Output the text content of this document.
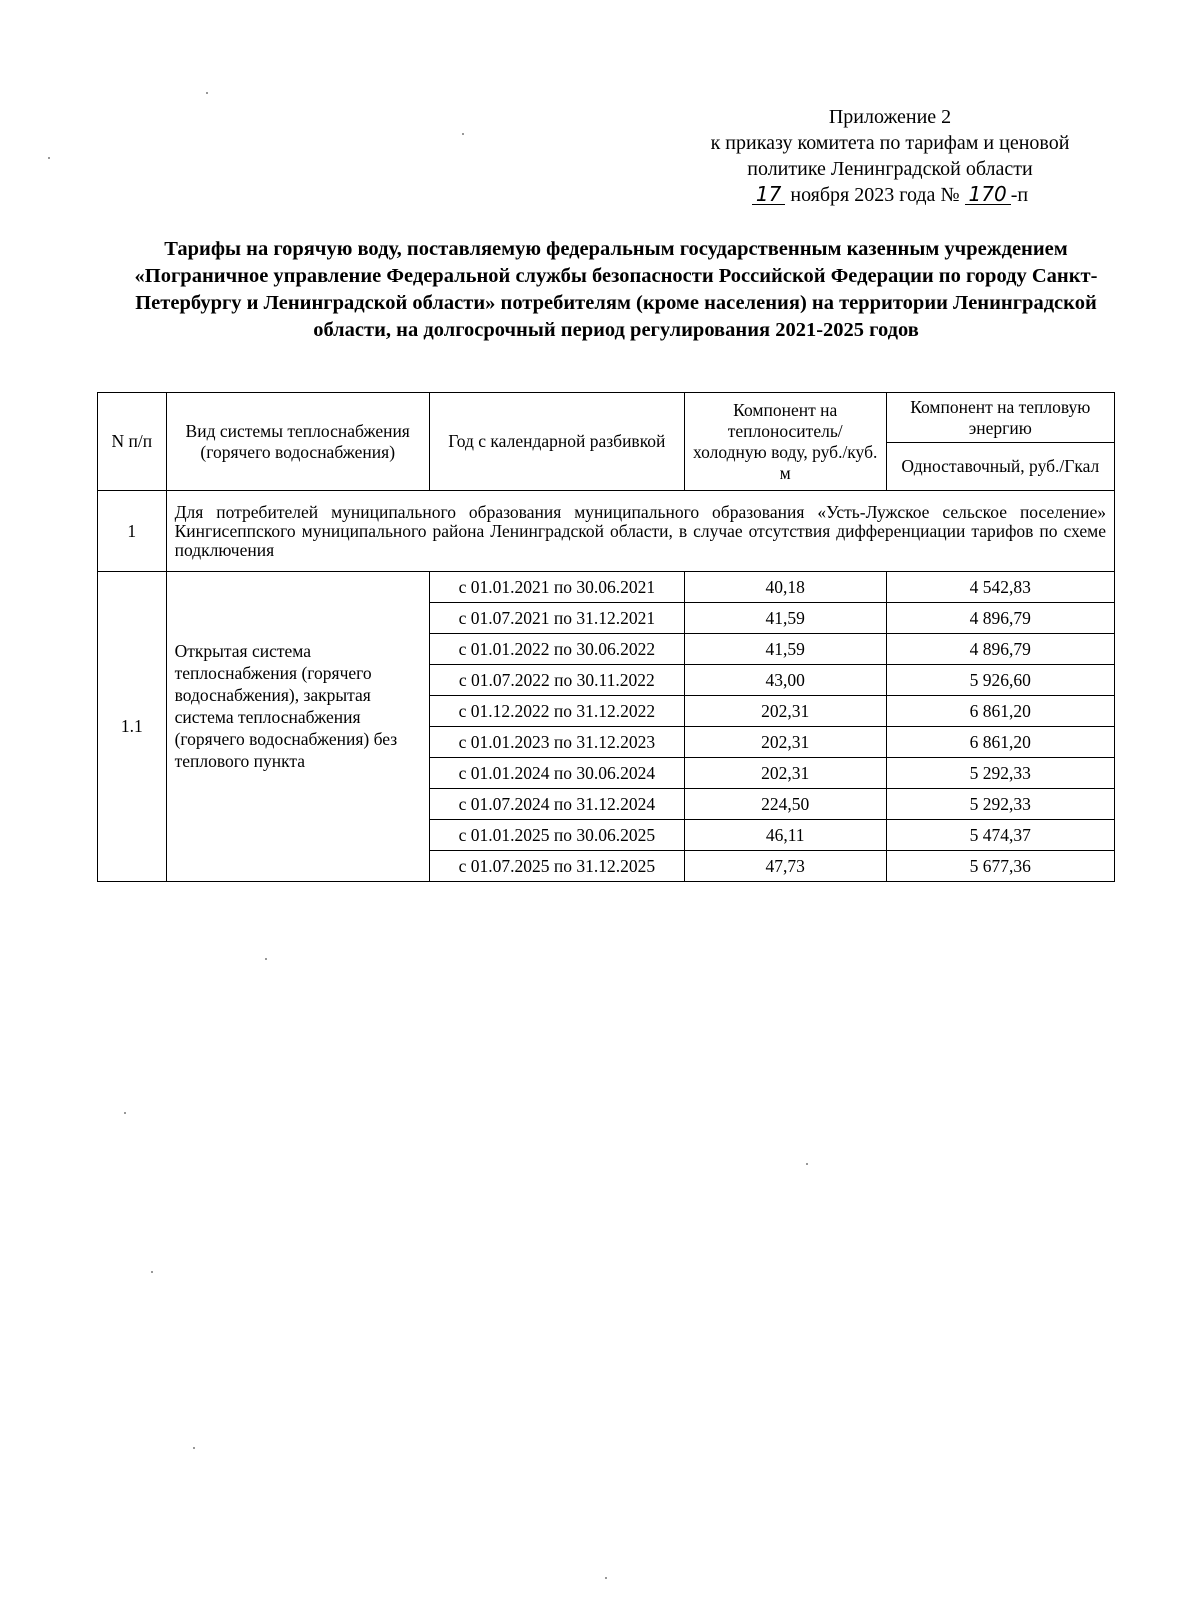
Приложение 2
к приказу комитета по тарифам и ценовой
политике Ленинградской области
17 ноября 2023 года № 170 -п
Тарифы на горячую воду, поставляемую федеральным государственным казенным учреждением «Пограничное управление Федеральной службы безопасности Российской Федерации по городу Санкт-Петербургу и Ленинградской области» потребителям (кроме населения) на территории Ленинградской области, на долгосрочный период регулирования 2021-2025 годов
N п/п	Вид системы теплоснабжения (горячего водоснабжения)	Год с календарной разбивкой	Компонент на теплоноситель/ холодную воду, руб./куб. м	Компонент на тепловую энергию
				Одноставочный, руб./Гкал
1	Для потребителей муниципального образования муниципального образования «Усть-Лужское сельское поселение» Кингисеппского муниципального района Ленинградской области, в случае отсутствия дифференциации тарифов по схеме подключения			
1.1	Открытая система теплоснабжения (горячего водоснабжения), закрытая система теплоснабжения (горячего водоснабжения) без теплового пункта	с 01.01.2021 по 30.06.2021	40,18	4 542,83
		с 01.07.2021 по 31.12.2021	41,59	4 896,79
		с 01.01.2022 по 30.06.2022	41,59	4 896,79
		с 01.07.2022 по 30.11.2022	43,00	5 926,60
		с 01.12.2022 по 31.12.2022	202,31	6 861,20
		с 01.01.2023 по 31.12.2023	202,31	6 861,20
		с 01.01.2024 по 30.06.2024	202,31	5 292,33
		с 01.07.2024 по 31.12.2024	224,50	5 292,33
		с 01.01.2025 по 30.06.2025	46,11	5 474,37
		с 01.07.2025 по 31.12.2025	47,73	5 677,36
